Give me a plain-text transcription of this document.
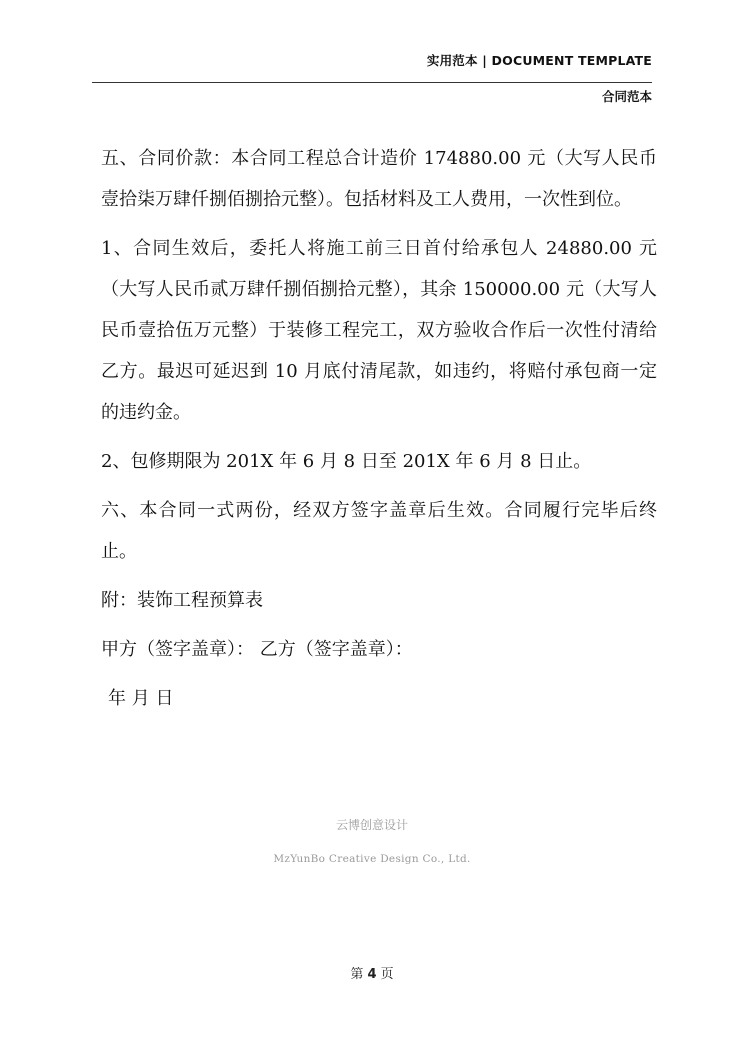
实用范本 | DOCUMENT TEMPLATE
合同范本

五、合同价款：本合同工程总合计造价 174880.00 元（大写人民币壹拾柒万肆仟捌佰捌拾元整）。包括材料及工人费用，一次性到位。

1、合同生效后，委托人将施工前三日首付给承包人 24880.00 元（大写人民币贰万肆仟捌佰捌拾元整），其余 150000.00 元（大写人民币壹拾伍万元整）于装修工程完工，双方验收合作后一次性付清给乙方。最迟可延迟到 10 月底付清尾款，如违约，将赔付承包商一定的违约金。

2、包修期限为 201X 年 6 月 8 日至 201X 年 6 月 8 日止。

六、本合同一式两份，经双方签字盖章后生效。合同履行完毕后终止。

附：装饰工程预算表

甲方（签字盖章）： 乙方（签字盖章）：

年 月 日

云博创意设计
MzYunBo Creative Design Co., Ltd.
第 4 页
